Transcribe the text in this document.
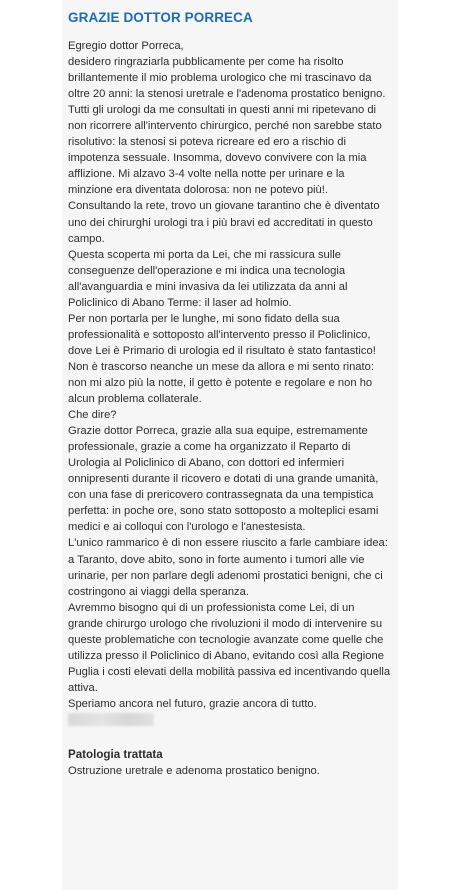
GRAZIE DOTTOR PORRECA

Egregio dottor Porreca,

desidero ringraziarla pubblicamente per come ha risolto brillantemente il mio problema urologico che mi trascinavo da oltre 20 anni: la stenosi uretrale e l'adenoma prostatico benigno.

Tutti gli urologi da me consultati in questi anni mi ripetevano di non ricorrere all'intervento chirurgico, perché non sarebbe stato risolutivo: la stenosi si poteva ricreare ed ero a rischio di impotenza sessuale. Insomma, dovevo convivere con la mia afflizione. Mi alzavo 3-4 volte nella notte per urinare e la minzione era diventata dolorosa: non ne potevo più!.

Consultando la rete, trovo un giovane tarantino che è diventato uno dei chirurghi urologi tra i più bravi ed accreditati in questo campo.

Questa scoperta mi porta da Lei, che mi rassicura sulle conseguenze dell'operazione e mi indica una tecnologia all'avanguardia e mini invasiva da lei utilizzata da anni al Policlinico di Abano Terme: il laser ad holmio.

Per non portarla per le lunghe, mi sono fidato della sua professionalità e sottoposto all'intervento presso il Policlinico, dove Lei è Primario di urologia ed il risultato è stato fantastico!

Non è trascorso neanche un mese da allora e mi sento rinato: non mi alzo più la notte, il getto è potente e regolare e non ho alcun problema collaterale.

Che dire?

Grazie dottor Porreca, grazie alla sua equipe, estremamente professionale, grazie a come ha organizzato il Reparto di Urologia al Policlinico di Abano, con dottori ed infermieri onnipresenti durante il ricovero e dotati di una grande umanità, con una fase di prericovero contrassegnata da una tempistica perfetta: in poche ore, sono stato sottoposto a molteplici esami medici e ai colloqui con l'urologo e l'anestesista.

L'unico rammarico è di non essere riuscito a farle cambiare idea: a Taranto, dove abito, sono in forte aumento i tumori alle vie urinarie, per non parlare degli adenomi prostatici benigni, che ci costringono ai viaggi della speranza.

Avremmo bisogno qui di un professionista come Lei, di un grande chirurgo urologo che rivoluzioni il modo di intervenire su queste problematiche con tecnologie avanzate come quelle che utilizza presso il Policlinico di Abano, evitando così alla Regione Puglia i costi elevati della mobilità passiva ed incentivando quella attiva.

Speriamo ancora nel futuro, grazie ancora di tutto.

Patologia trattata

Ostruzione uretrale e adenoma prostatico benigno.
